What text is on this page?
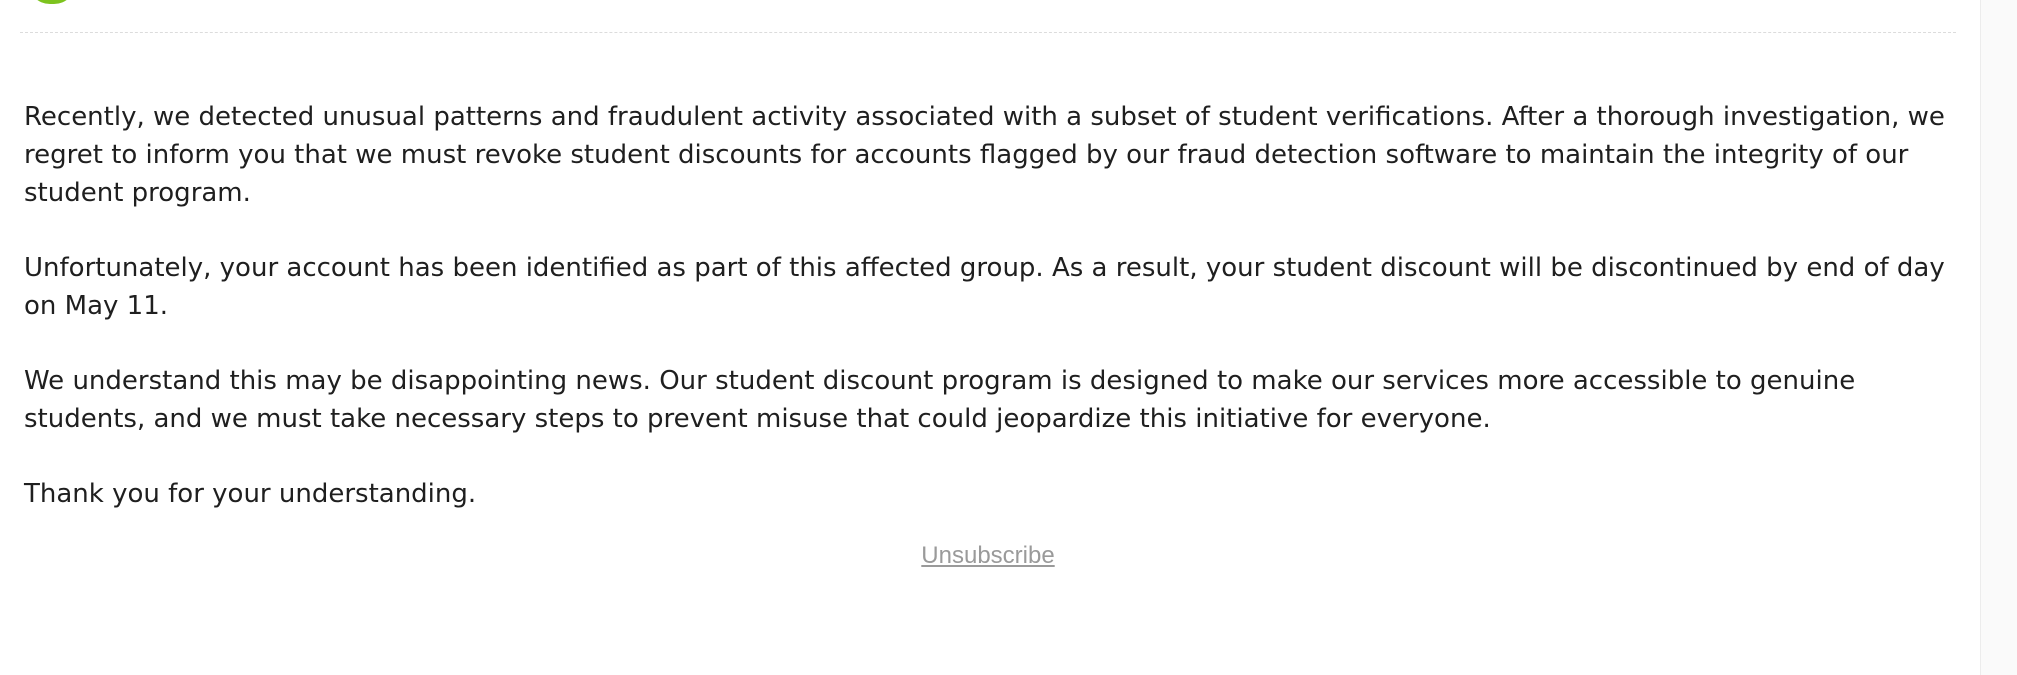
Recently, we detected unusual patterns and fraudulent activity associated with a subset of student verifications. After a thorough investigation, we regret to inform you that we must revoke student discounts for accounts flagged by our fraud detection software to maintain the integrity of our student program.

Unfortunately, your account has been identified as part of this affected group. As a result, your student discount will be discontinued by end of day on May 11.

We understand this may be disappointing news. Our student discount program is designed to make our services more accessible to genuine students, and we must take necessary steps to prevent misuse that could jeopardize this initiative for everyone.

Thank you for your understanding.

Unsubscribe
